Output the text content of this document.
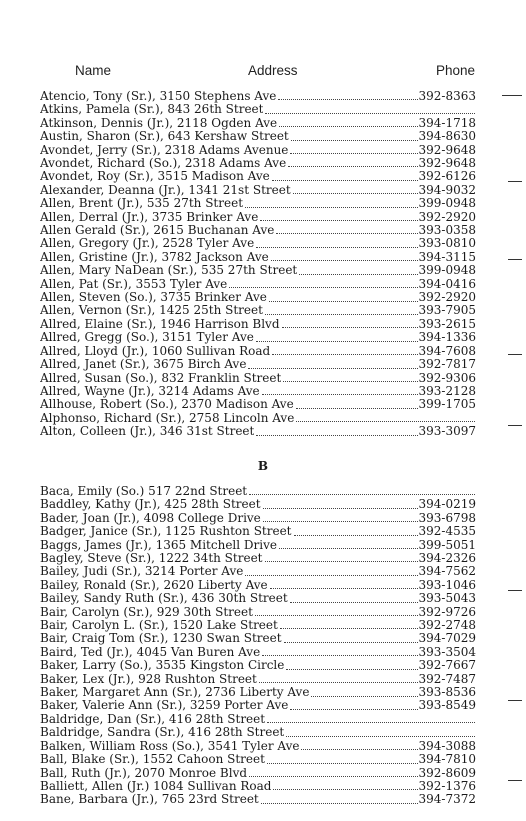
Name	Address	Phone
Atencio, Tony (Sr.), 3150 Stephens Ave	392-8363
Atkins, Pamela (Sr.), 843 26th Street
Atkinson, Dennis (Jr.), 2118 Ogden Ave	394-1718
Austin, Sharon (Sr.), 643 Kershaw Street	394-8630
Avondet, Jerry (Sr.), 2318 Adams Avenue	392-9648
Avondet, Richard (So.), 2318 Adams Ave	392-9648
Avondet, Roy (Sr.), 3515 Madison Ave	392-6126
Alexander, Deanna (Jr.), 1341 21st Street	394-9032
Allen, Brent (Jr.), 535 27th Street	399-0948
Allen, Derral (Jr.), 3735 Brinker Ave	392-2920
Allen Gerald (Sr.), 2615 Buchanan Ave	393-0358
Allen, Gregory (Jr.), 2528 Tyler Ave	393-0810
Allen, Gristine (Jr.), 3782 Jackson Ave	394-3115
Allen, Mary NaDean (Sr.), 535 27th Street	399-0948
Allen, Pat (Sr.), 3553 Tyler Ave	394-0416
Allen, Steven (So.), 3735 Brinker Ave	392-2920
Allen, Vernon (Sr.), 1425 25th Street	393-7905
Allred, Elaine (Sr.), 1946 Harrison Blvd	393-2615
Allred, Gregg (So.), 3151 Tyler Ave	394-1336
Allred, Lloyd (Jr.), 1060 Sullivan Road	394-7608
Allred, Janet (Sr.), 3675 Birch Ave	392-7817
Allred, Susan (So.), 832 Franklin Street	392-9306
Allred, Wayne (Jr.), 3214 Adams Ave	393-2128
Allhouse, Robert (So.), 2370 Madison Ave	399-1705
Alphonso, Richard (Sr.), 2758 Lincoln Ave
Alton, Colleen (Jr.), 346 31st Street	393-3097
B
Baca, Emily (So.) 517 22nd Street
Baddley, Kathy (Jr.), 425 28th Street	394-0219
Bader, Joan (Jr.), 4098 College Drive	393-6798
Badger, Janice (Sr.), 1125 Rushton Street	392-4535
Baggs, James (Jr.), 1365 Mitchell Drive	399-5051
Bagley, Steve (Sr.), 1222 34th Street	394-2326
Bailey, Judi (Sr.), 3214 Porter Ave	394-7562
Bailey, Ronald (Sr.), 2620 Liberty Ave	393-1046
Bailey, Sandy Ruth (Sr.), 436 30th Street	393-5043
Bair, Carolyn (Sr.), 929 30th Street	392-9726
Bair, Carolyn L. (Sr.), 1520 Lake Street	392-2748
Bair, Craig Tom (Sr.), 1230 Swan Street	394-7029
Baird, Ted (Jr.), 4045 Van Buren Ave	393-3504
Baker, Larry (So.), 3535 Kingston Circle	392-7667
Baker, Lex (Jr.), 928 Rushton Street	392-7487
Baker, Margaret Ann (Sr.), 2736 Liberty Ave	393-8536
Baker, Valerie Ann (Sr.), 3259 Porter Ave	393-8549
Baldridge, Dan (Sr.), 416 28th Street
Baldridge, Sandra (Sr.), 416 28th Street
Balken, William Ross (So.), 3541 Tyler Ave	394-3088
Ball, Blake (Sr.), 1552 Cahoon Street	394-7810
Ball, Ruth (Jr.), 2070 Monroe Blvd	392-8609
Balliett, Allen (Jr.) 1084 Sullivan Road	392-1376
Bane, Barbara (Jr.), 765 23rd Street	394-7372
